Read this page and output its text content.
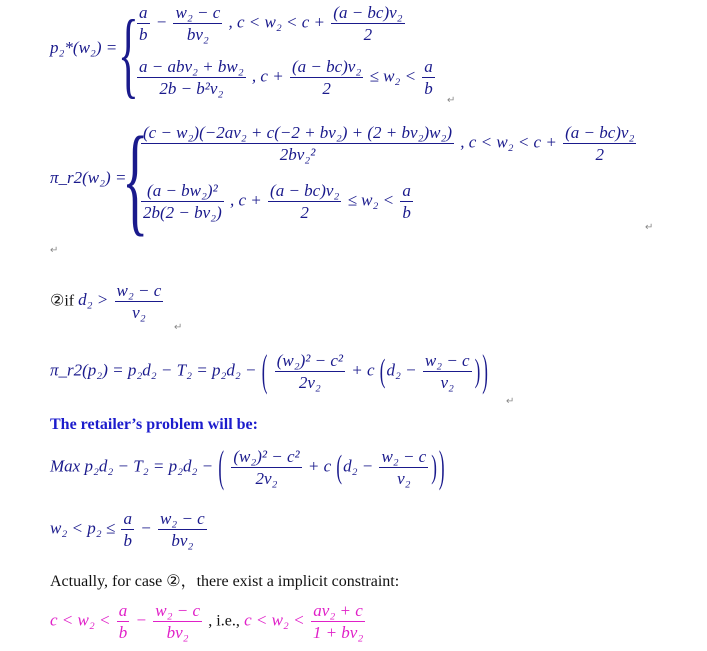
p₂*(w₂) = {
$\frac{a}{b} - \frac{\text{w₂ − c}}{\text{bv₂}}$ , $c < w_2 < c + \frac{\text{(a − bc)v₂}}{2}$
a − abv₂ + bw₂
2b − b²v₂
, $c + \frac{\text{(a − bc)v₂}}{2} \le w_2 < \frac{a}{b}$
↵
π_r2(w₂) =
{
$\frac{\text{(c − w₂)(−2av₂ + c(−2 + bv₂) + (2 + bv₂)w₂)}}{\text{2bv₂²}}$ , $c < w_2 < c + \frac{\text{(a − bc)v₂}}{2}$
$\frac{\text{(a − bw₂)²}}{\text{2b(2 − bv₂)}}$ , $c + \frac{\text{(a − bc)v₂}}{2} \le w_2 < \frac{a}{b}$
↵
↵
②if $d_2 > \frac{\text{w₂ − c}}{\text{v₂}}$
↵
π_r2(p₂) = p₂d₂ − T₂ = p₂d₂ − ( $\frac{\text{(w₂)² − c²}}{\text{2v₂}} + c$ ($d_2 - \frac{\text{w₂ − c}}{\text{v₂}}$ ) )
↵
The retailer’s problem will be:
Max p₂d₂ − T₂ = p₂d₂ − ( $\frac{\text{(w₂)² − c²}}{\text{2v₂}} + c$ ($d_2 - \frac{\text{w₂ − c}}{\text{v₂}}$ ) )
$w_2 < p_2 \le \frac{a}{b} - \frac{\text{w₂ − c}}{\text{bv₂}}$
Actually, for case ②，there exist a implicit constraint:
$c < w_2 < \frac{a}{b} - \frac{\text{w₂ − c}}{\text{bv₂}}$ , i.e., $c < w_2 < \frac{\text{av₂ + c}}{\text{1 + bv₂}}$
